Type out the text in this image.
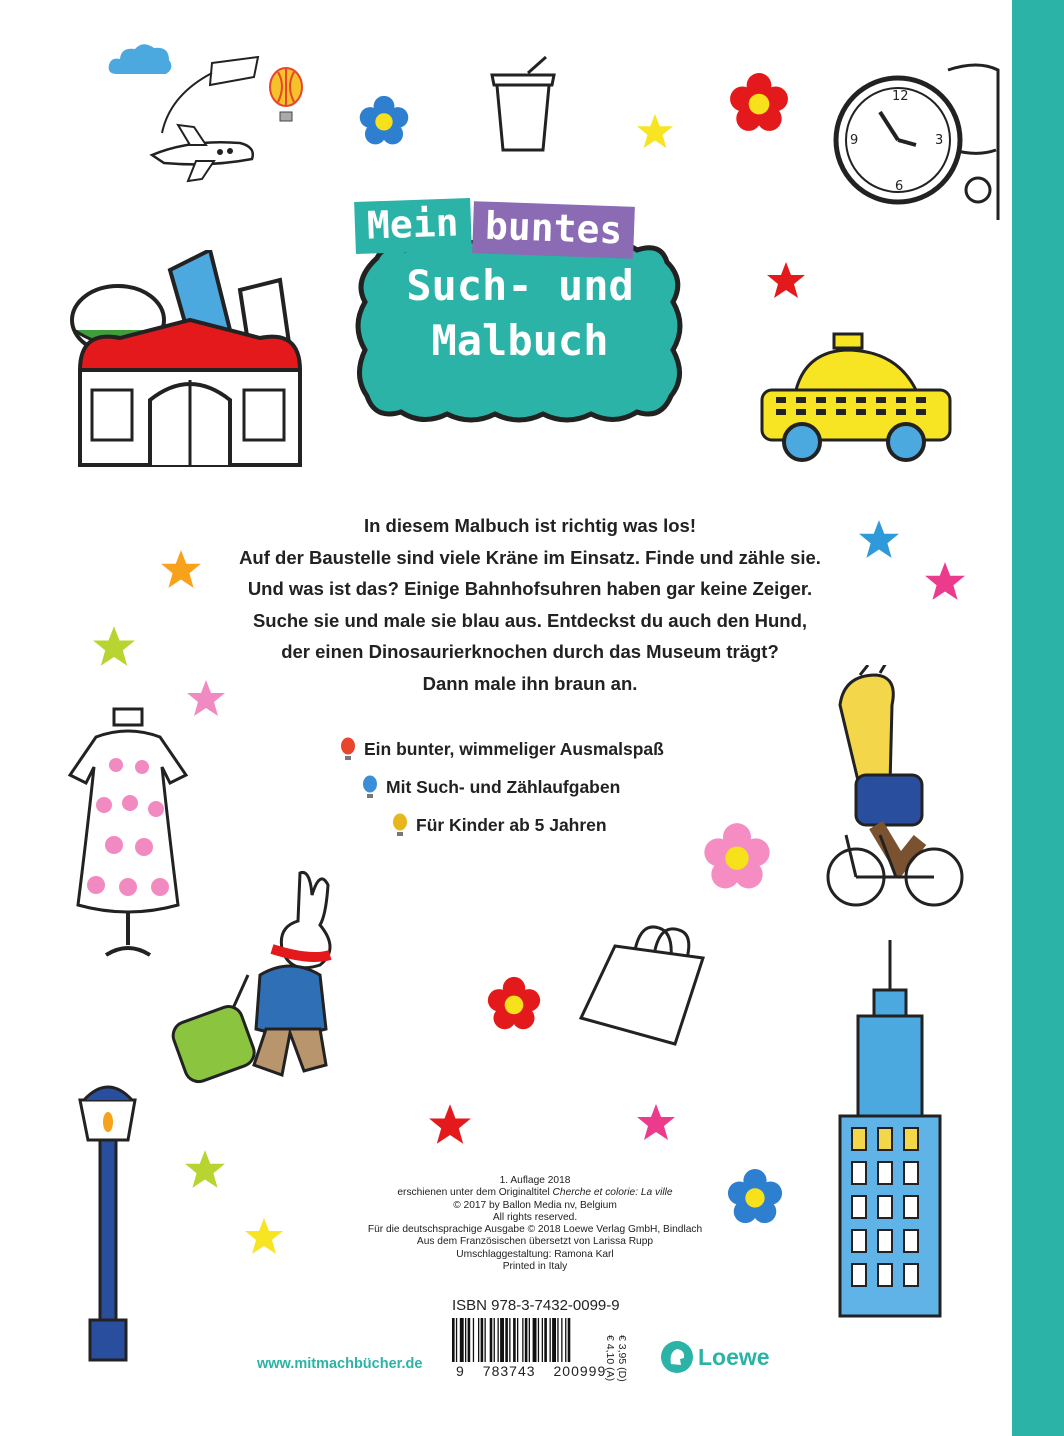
12
3
6
9
Mein buntes
Such- und
Malbuch
In diesem Malbuch ist richtig was los!
Auf der Baustelle sind viele Kräne im Einsatz. Finde und zähle sie.
Und was ist das? Einige Bahnhofsuhren haben gar keine Zeiger.
Suche sie und male sie blau aus. Entdeckst du auch den Hund,
der einen Dinosaurierknochen durch das Museum trägt?
Dann male ihn braun an.
Ein bunter, wimmeliger Ausmalspaß
Mit Such- und Zählaufgaben
Für Kinder ab 5 Jahren
1. Auflage 2018
erschienen unter dem Originaltitel Cherche et colorie: La ville
© 2017 by Ballon Media nv, Belgium
All rights reserved.
Für die deutschsprachige Ausgabe © 2018 Loewe Verlag GmbH, Bindlach
Aus dem Französischen übersetzt von Larissa Rupp
Umschlaggestaltung: Ramona Karl
Printed in Italy
ISBN 978-3-7432-0099-9
9 783743 200999 € 3,95 (D)
€ 4,10 (A)
www.mitmachbücher.de	Loewe
